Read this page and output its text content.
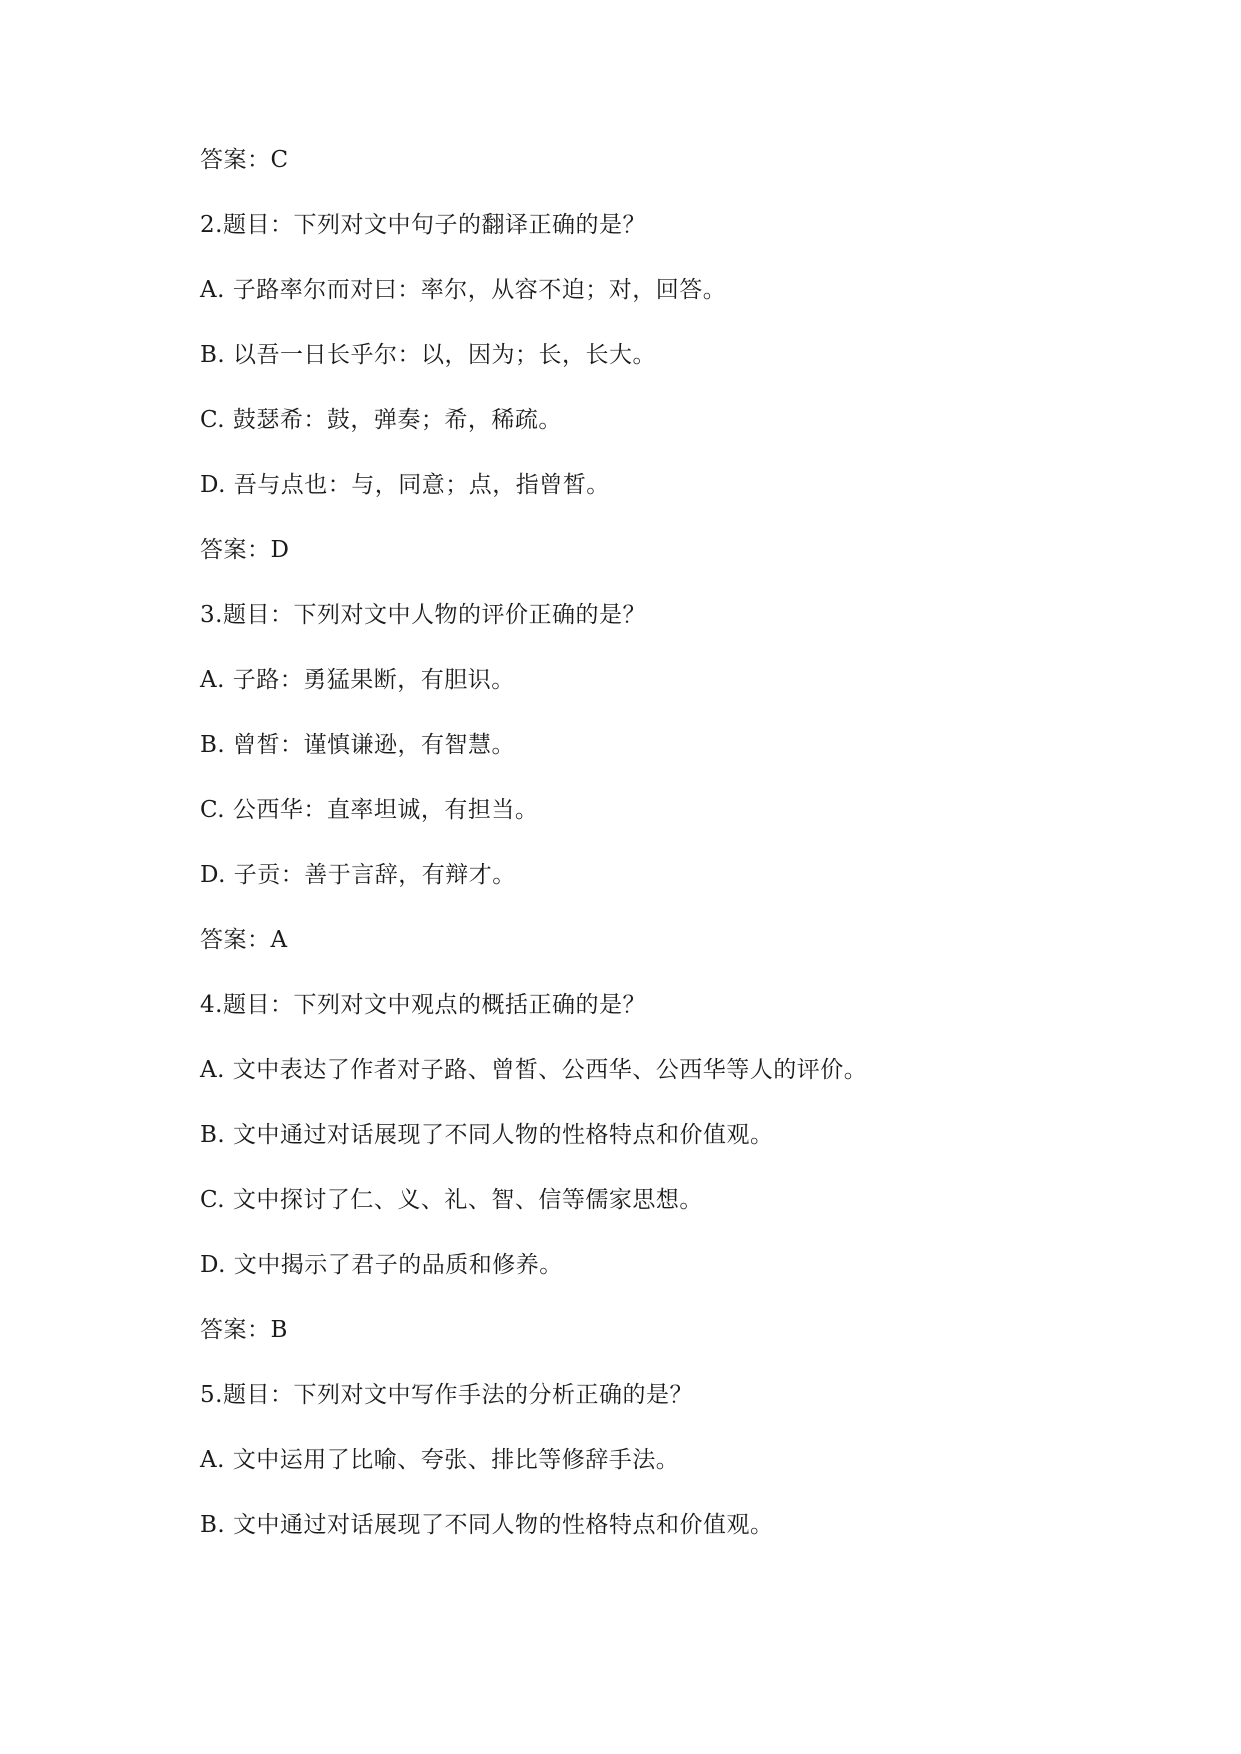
答案：C

2.题目：下列对文中句子的翻译正确的是？

A. 子路率尔而对曰：率尔，从容不迫；对，回答。

B. 以吾一日长乎尔：以，因为；长，长大。

C. 鼓瑟希：鼓，弹奏；希，稀疏。

D. 吾与点也：与，同意；点，指曾皙。

答案：D

3.题目：下列对文中人物的评价正确的是？

A. 子路：勇猛果断，有胆识。

B. 曾皙：谨慎谦逊，有智慧。

C. 公西华：直率坦诚，有担当。

D. 子贡：善于言辞，有辩才。

答案：A

4.题目：下列对文中观点的概括正确的是？

A. 文中表达了作者对子路、曾皙、公西华、公西华等人的评价。

B. 文中通过对话展现了不同人物的性格特点和价值观。

C. 文中探讨了仁、义、礼、智、信等儒家思想。

D. 文中揭示了君子的品质和修养。

答案：B

5.题目：下列对文中写作手法的分析正确的是？

A. 文中运用了比喻、夸张、排比等修辞手法。

B. 文中通过对话展现了不同人物的性格特点和价值观。
